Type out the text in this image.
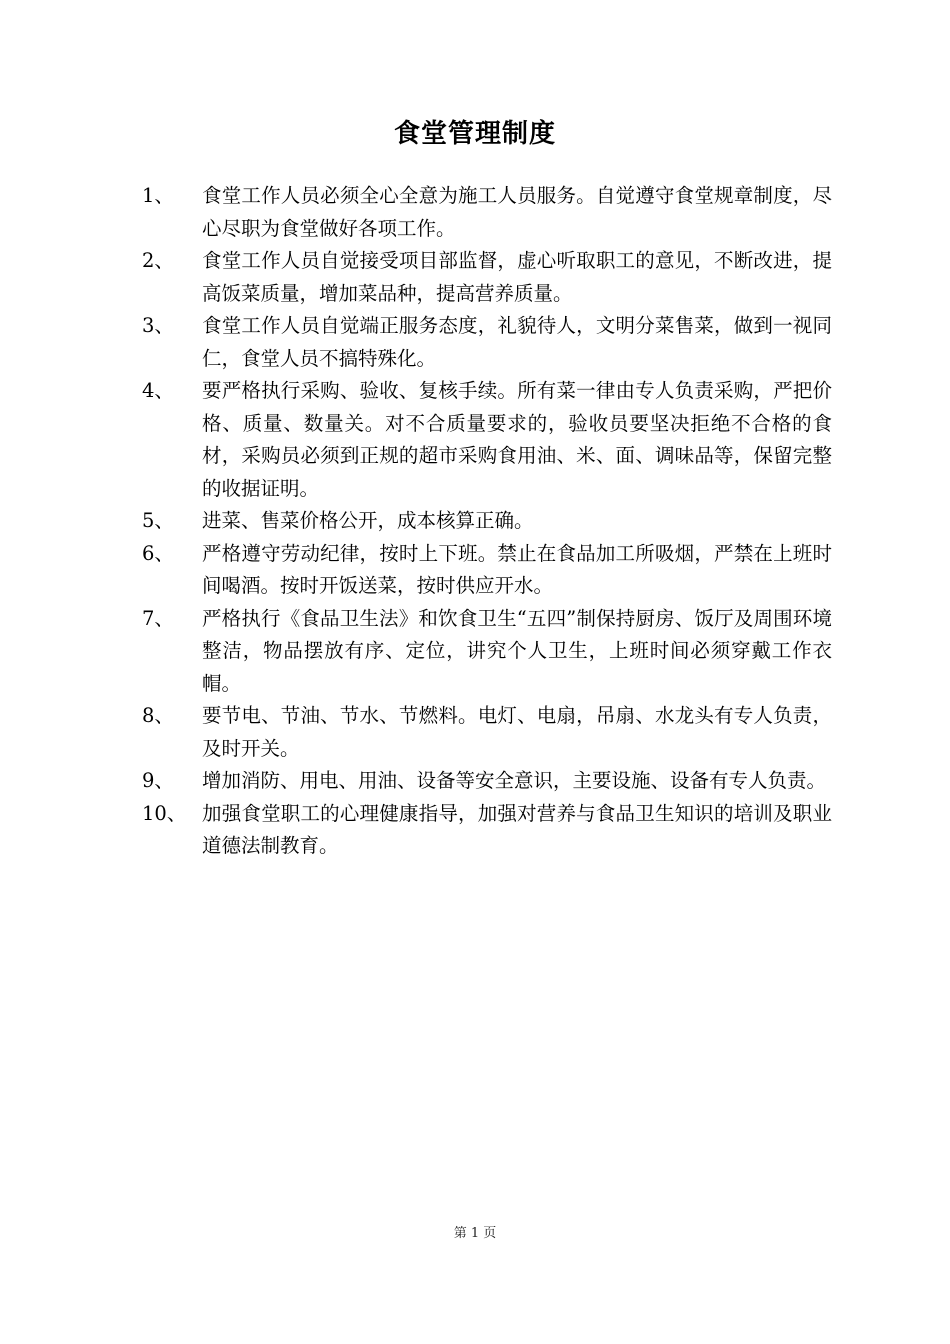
食堂管理制度
1、	食堂工作人员必须全心全意为施工人员服务。自觉遵守食堂规章制度，尽心尽职为食堂做好各项工作。
2、	食堂工作人员自觉接受项目部监督，虚心听取职工的意见，不断改进，提高饭菜质量，增加菜品种，提高营养质量。
3、	食堂工作人员自觉端正服务态度，礼貌待人，文明分菜售菜，做到一视同仁，食堂人员不搞特殊化。
4、	要严格执行采购、验收、复核手续。所有菜一律由专人负责采购，严把价格、质量、数量关。对不合质量要求的，验收员要坚决拒绝不合格的食材，采购员必须到正规的超市采购食用油、米、面、调味品等，保留完整的收据证明。
5、	进菜、售菜价格公开，成本核算正确。
6、	严格遵守劳动纪律，按时上下班。禁止在食品加工所吸烟，严禁在上班时间喝酒。按时开饭送菜，按时供应开水。
7、	严格执行《食品卫生法》和饮食卫生“五四”制保持厨房、饭厅及周围环境整洁，物品摆放有序、定位，讲究个人卫生，上班时间必须穿戴工作衣帽。
8、	要节电、节油、节水、节燃料。电灯、电扇，吊扇、水龙头有专人负责，及时开关。
9、	增加消防、用电、用油、设备等安全意识，主要设施、设备有专人负责。
10、 加强食堂职工的心理健康指导，加强对营养与食品卫生知识的培训及职业道德法制教育。
第 1 页
